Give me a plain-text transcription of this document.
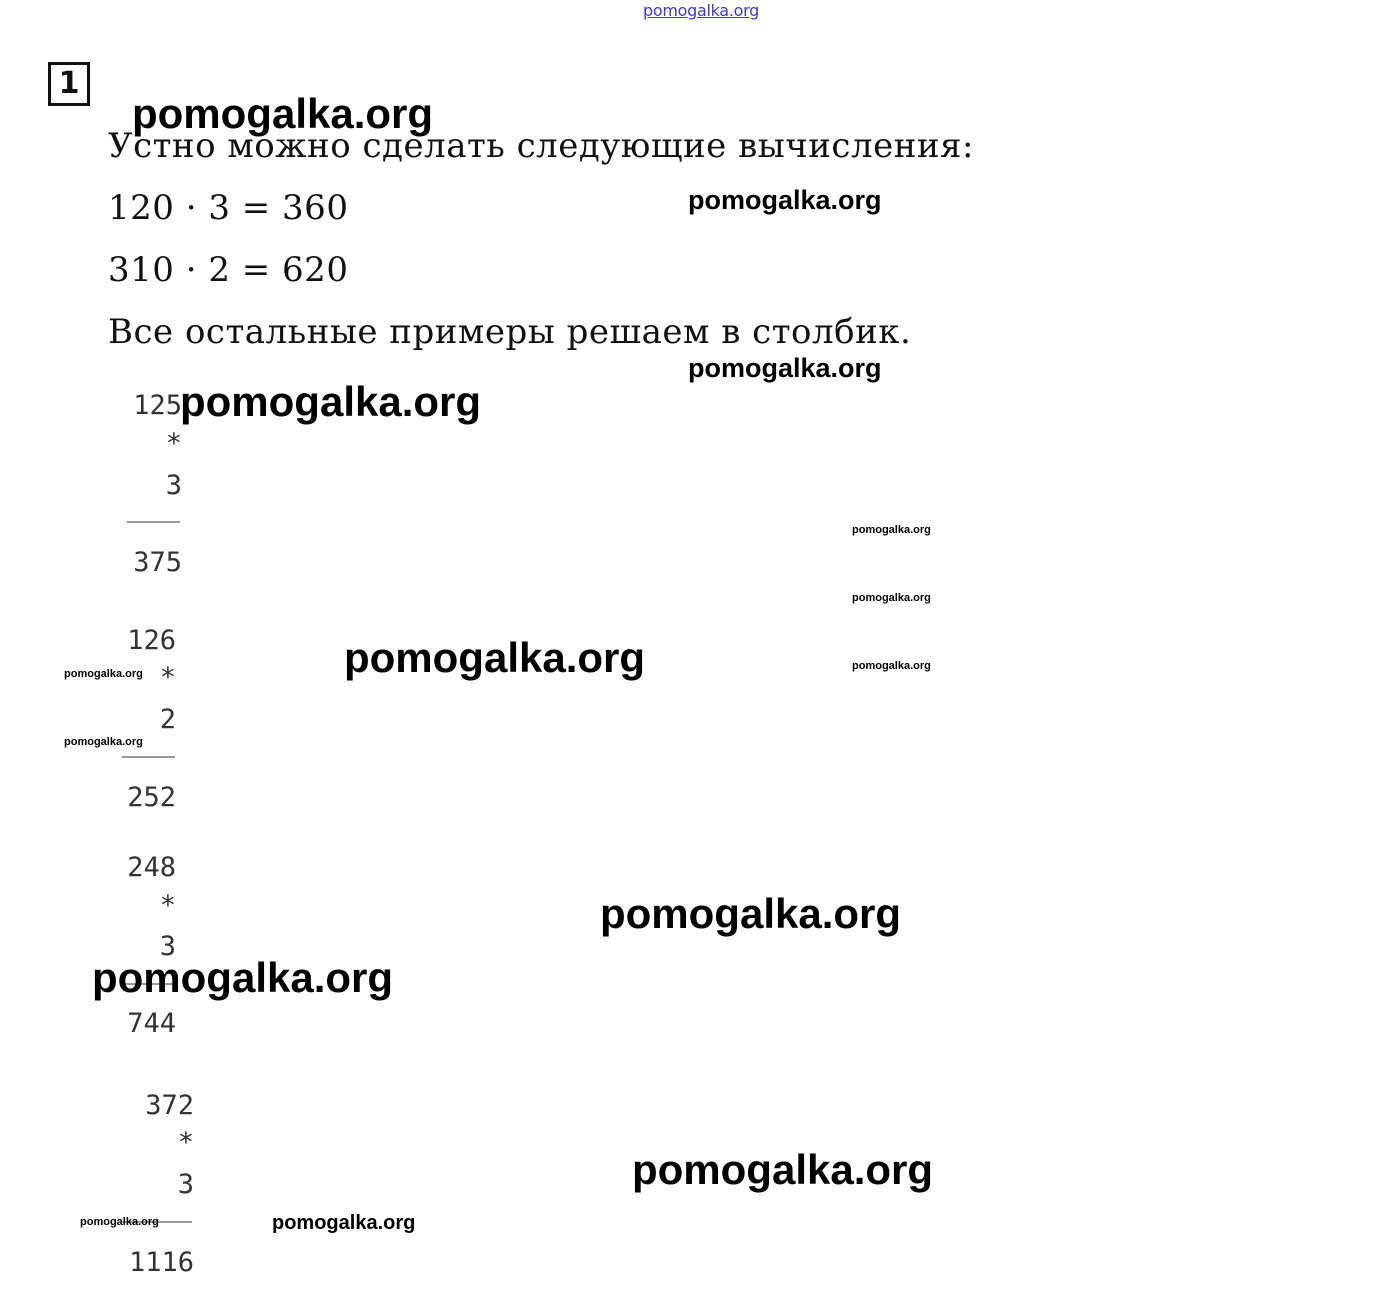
pomogalka.org
1
Устно можно сделать следующие вычисления:
120 · 3 = 360
310 · 2 = 620
Все остальные примеры решаем в столбик.
125
*
3
375
126
*
2
252
248
*
3
744
372
*
3
1116
pomogalka.org
pomogalka.org
pomogalka.org
pomogalka.org
pomogalka.org
pomogalka.org
pomogalka.org	pomogalka.org
pomogalka.org
pomogalka.org
pomogalka.org
pomogalka.org
pomogalka.org
pomogalka.org	pomogalka.org
